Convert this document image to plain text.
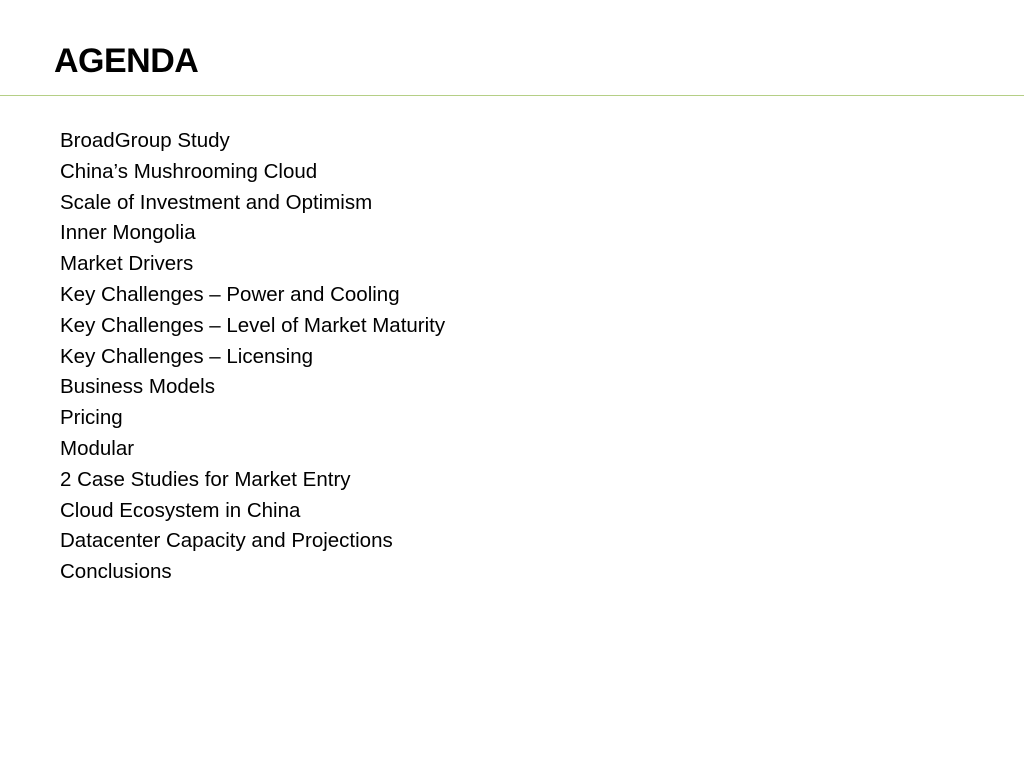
AGENDA
BroadGroup Study
China’s Mushrooming Cloud
Scale of Investment and Optimism
Inner Mongolia
Market Drivers
Key Challenges – Power and Cooling
Key Challenges – Level of Market Maturity
Key Challenges – Licensing
Business Models
Pricing
Modular
2 Case Studies for Market Entry
Cloud Ecosystem in China
Datacenter Capacity and Projections
Conclusions
